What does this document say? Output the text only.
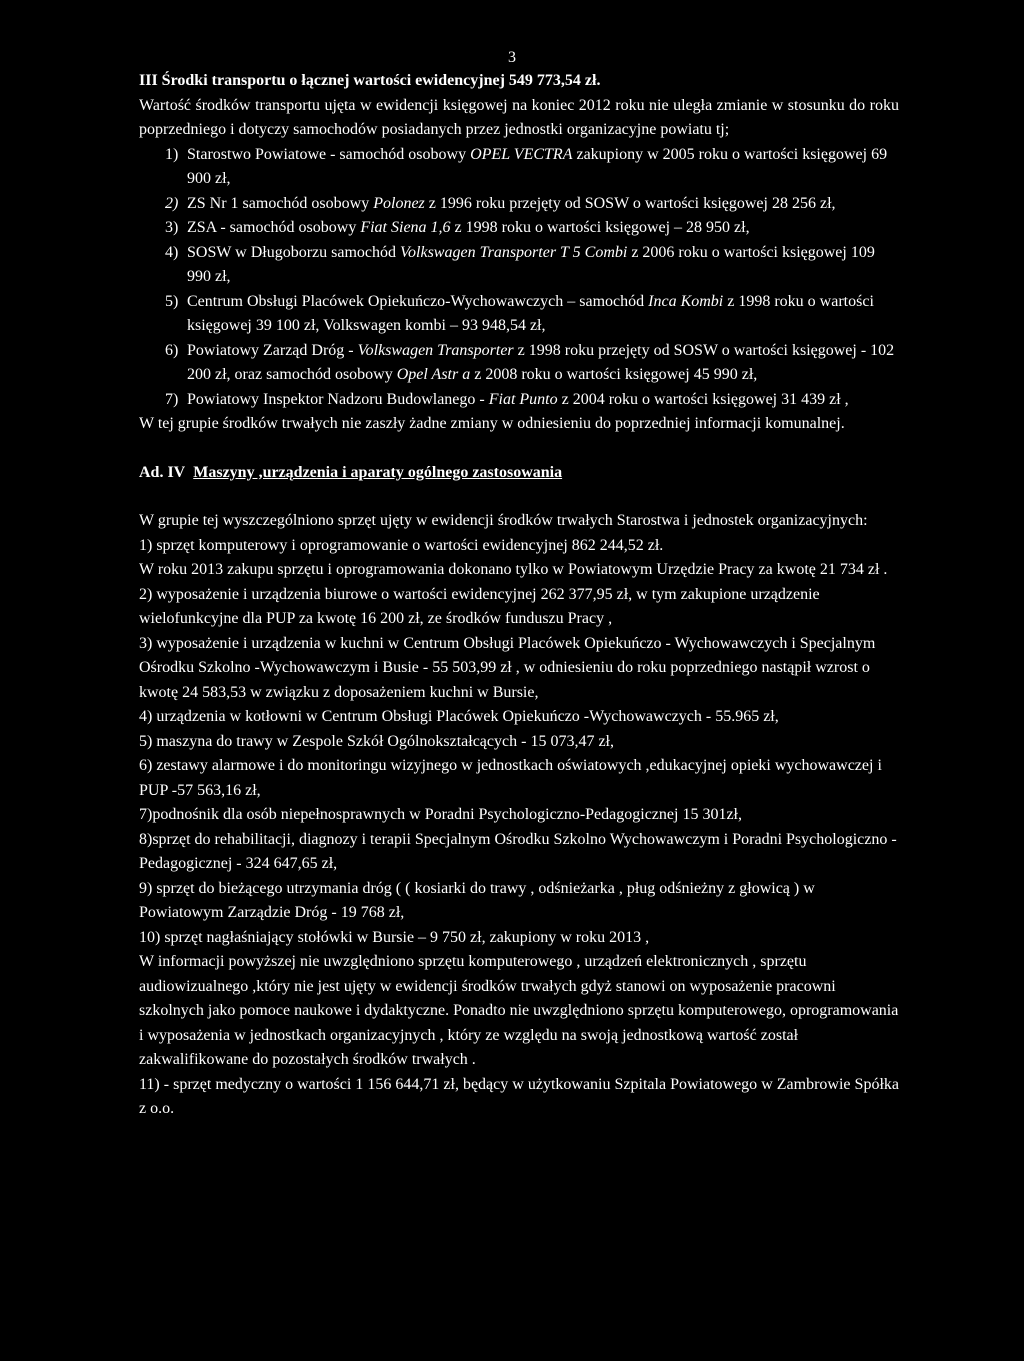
3
III Środki transportu o łącznej wartości ewidencyjnej 549 773,54 zł.
Wartość środków transportu ujęta w ewidencji księgowej na koniec 2012 roku nie uległa zmianie w stosunku do roku poprzedniego i dotyczy samochodów posiadanych przez jednostki organizacyjne powiatu tj;
1) Starostwo Powiatowe - samochód osobowy OPEL VECTRA zakupiony w 2005 roku o wartości księgowej 69 900 zł,
2) ZS Nr 1 samochód osobowy Polonez z 1996 roku przejęty od SOSW o wartości księgowej 28 256 zł,
3) ZSA - samochód osobowy Fiat Siena 1,6 z 1998 roku o wartości księgowej – 28 950 zł,
4) SOSW w Długoborzu samochód Volkswagen Transporter T 5 Combi z 2006 roku o wartości księgowej 109 990 zł,
5) Centrum Obsługi Placówek Opiekuńczo-Wychowawczych – samochód Inca Kombi z 1998 roku o wartości księgowej 39 100 zł, Volkswagen kombi – 93 948,54 zł,
6) Powiatowy Zarząd Dróg - Volkswagen Transporter z 1998 roku przejęty od SOSW o wartości księgowej - 102 200 zł, oraz samochód osobowy Opel Astr a z 2008 roku o wartości księgowej 45 990 zł,
7) Powiatowy Inspektor Nadzoru Budowlanego - Fiat Punto z 2004 roku o wartości księgowej 31 439 zł ,
W tej grupie środków trwałych nie zaszły żadne zmiany w odniesieniu do poprzedniej informacji komunalnej.
Ad. IV Maszyny ,urządzenia i aparaty ogólnego zastosowania
W grupie tej wyszczególniono sprzęt ujęty w ewidencji środków trwałych Starostwa i jednostek organizacyjnych:
1) sprzęt komputerowy i oprogramowanie o wartości ewidencyjnej 862 244,52 zł.
W roku 2013 zakupu sprzętu i oprogramowania dokonano tylko w Powiatowym Urzędzie Pracy za kwotę 21 734 zł .
2) wyposażenie i urządzenia biurowe o wartości ewidencyjnej 262 377,95 zł, w tym zakupione urządzenie wielofunkcyjne dla PUP za kwotę 16 200 zł, ze środków funduszu Pracy ,
3) wyposażenie i urządzenia w kuchni w Centrum Obsługi Placówek Opiekuńczo - Wychowawczych i Specjalnym Ośrodku Szkolno -Wychowawczym i Busie - 55 503,99 zł , w odniesieniu do roku poprzedniego nastąpił wzrost o kwotę 24 583,53 w związku z doposażeniem kuchni w Bursie,
4) urządzenia w kotłowni w Centrum Obsługi Placówek Opiekuńczo -Wychowawczych - 55.965 zł,
5) maszyna do trawy w Zespole Szkół Ogólnokształcących - 15 073,47 zł,
6) zestawy alarmowe i do monitoringu wizyjnego w jednostkach oświatowych ,edukacyjnej opieki wychowawczej i PUP -57 563,16 zł,
7)podnośnik dla osób niepełnosprawnych w Poradni Psychologiczno-Pedagogicznej 15 301zł,
8)sprzęt do rehabilitacji, diagnozy i terapii Specjalnym Ośrodku Szkolno Wychowawczym i Poradni Psychologiczno - Pedagogicznej - 324 647,65 zł,
9) sprzęt do bieżącego utrzymania dróg ( ( kosiarki do trawy , odśnieżarka , pług odśnieżny z głowicą ) w Powiatowym Zarządzie Dróg - 19 768 zł,
10) sprzęt nagłaśniający stołówki w Bursie – 9 750 zł, zakupiony w roku 2013 ,
W informacji powyższej nie uwzględniono sprzętu komputerowego , urządzeń elektronicznych , sprzętu audiowizualnego ,który nie jest ujęty w ewidencji środków trwałych gdyż stanowi on wyposażenie pracowni szkolnych jako pomoce naukowe i dydaktyczne. Ponadto nie uwzględniono sprzętu komputerowego, oprogramowania i wyposażenia w jednostkach organizacyjnych , który ze względu na swoją jednostkową wartość został zakwalifikowane do pozostałych środków trwałych .
11) - sprzęt medyczny o wartości 1 156 644,71 zł, będący w użytkowaniu Szpitala Powiatowego w Zambrowie Spółka z o.o.
